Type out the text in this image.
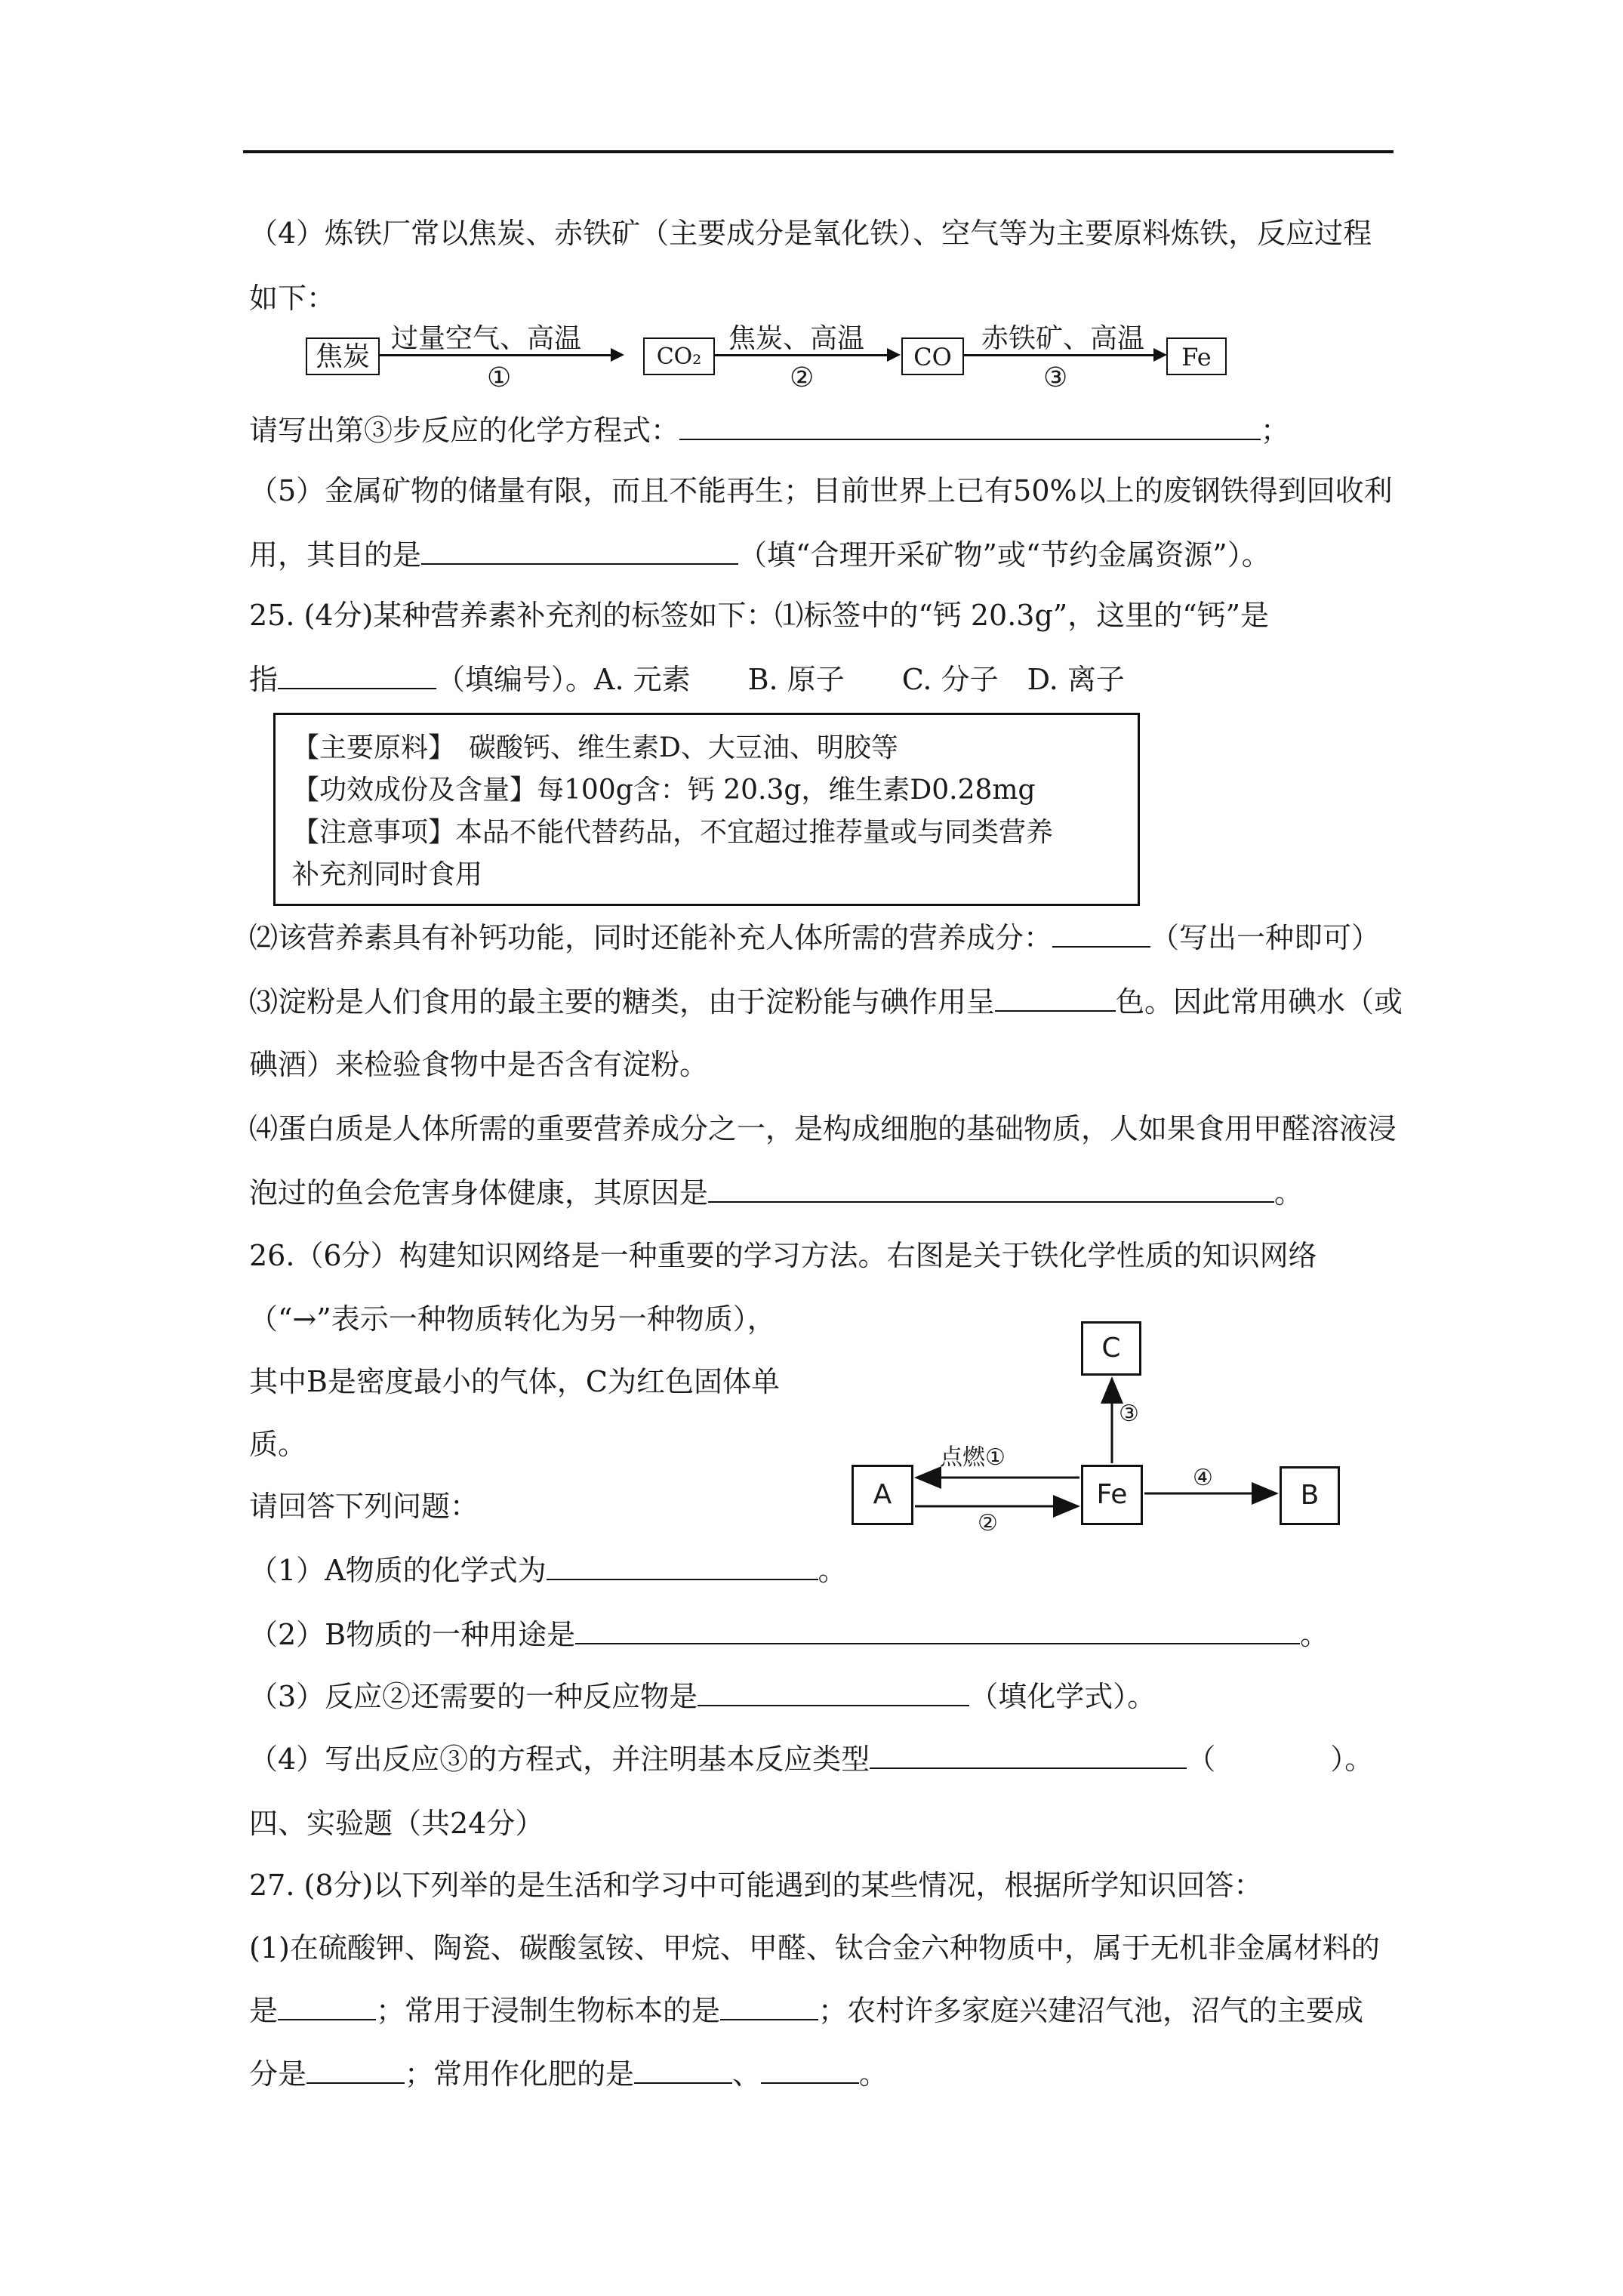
（4）炼铁厂常以焦炭、赤铁矿（主要成分是氧化铁）、空气等为主要原料炼铁，反应过程
如下：
焦炭
过量空气、高温
①
CO₂
焦炭、高温
②
CO
赤铁矿、高温
③
Fe
请写出第③步反应的化学方程式：	；
（5）金属矿物的储量有限，而且不能再生；目前世界上已有50%以上的废钢铁得到回收利
用，其目的是	（填“合理开采矿物”或“节约金属资源”）。
25. (4分)某种营养素补充剂的标签如下：⑴标签中的“钙 20.3g”，这里的“钙”是
指	（填编号）。A. 元素　　B. 原子　　C. 分子　D. 离子
【主要原料】　碳酸钙、维生素D、大豆油、明胶等
【功效成份及含量】每100g含：钙 20.3g，维生素D0.28mg
【注意事项】本品不能代替药品，不宜超过推荐量或与同类营养
补充剂同时食用
⑵该营养素具有补钙功能，同时还能补充人体所需的营养成分：	（写出一种即可）
⑶淀粉是人们食用的最主要的糖类，由于淀粉能与碘作用呈	色。因此常用碘水（或
碘酒）来检验食物中是否含有淀粉。
⑷蛋白质是人体所需的重要营养成分之一，是构成细胞的基础物质，人如果食用甲醛溶液浸
泡过的鱼会危害身体健康，其原因是	。
26.（6分）构建知识网络是一种重要的学习方法。右图是关于铁化学性质的知识网络
（“→”表示一种物质转化为另一种物质），
其中B是密度最小的气体，C为红色固体单
质。
请回答下列问题：
C
A	Fe	B
点燃①
②
③
④
（1）A物质的化学式为	。
（2）B物质的一种用途是	。
（3）反应②还需要的一种反应物是	（填化学式）。
（4）写出反应③的方程式，并注明基本反应类型	（　　　　）。
四、实验题（共24分）
27. (8分)以下列举的是生活和学习中可能遇到的某些情况，根据所学知识回答：
(1)在硫酸钾、陶瓷、碳酸氢铵、甲烷、甲醛、钛合金六种物质中，属于无机非金属材料的
是	；常用于浸制生物标本的是	；农村许多家庭兴建沼气池，沼气的主要成
分是	；常用作化肥的是	、	。
